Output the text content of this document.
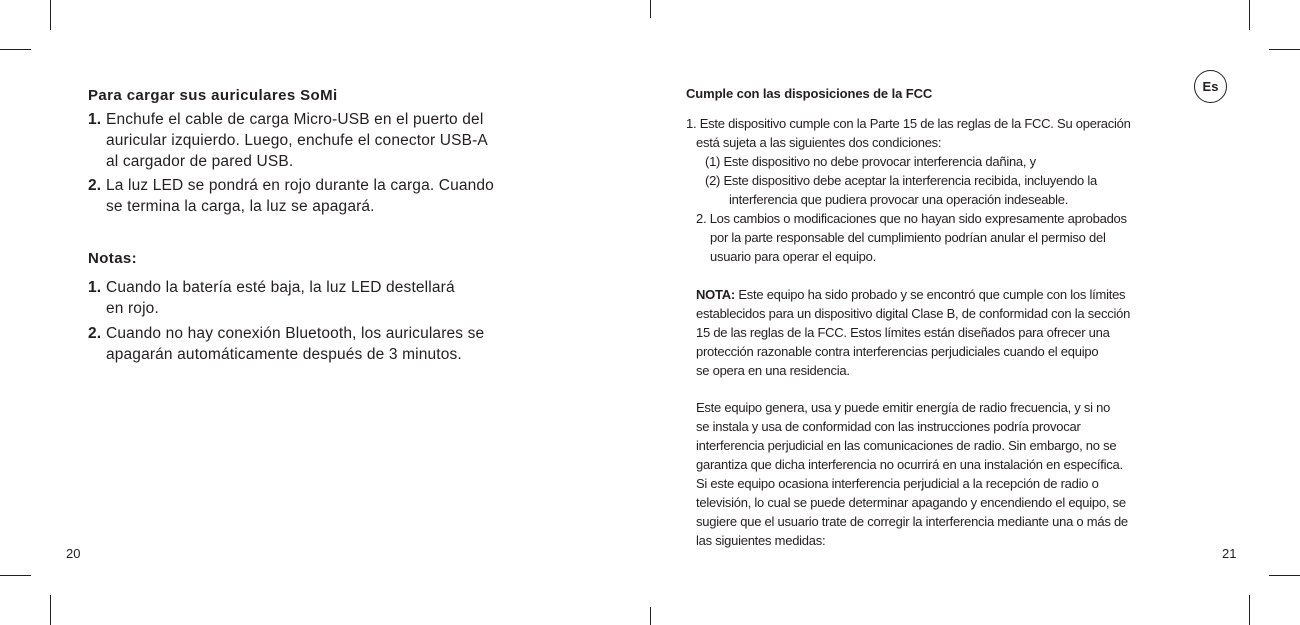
Para cargar sus auriculares SoMi
1. Enchufe el cable de carga Micro-USB en el puerto del
auricular izquierdo. Luego, enchufe el conector USB-A
al cargador de pared USB.
2. La luz LED se pondrá en rojo durante la carga. Cuando
se termina la carga, la luz se apagará.
Notas:
1. Cuando la batería esté baja, la luz LED destellará
en rojo.
2. Cuando no hay conexión Bluetooth, los auriculares se
apagarán automáticamente después de 3 minutos.
20
Es
Cumple con las disposiciones de la FCC
1. Este dispositivo cumple con la Parte 15 de las reglas de la FCC. Su operación
está sujeta a las siguientes dos condiciones:
(1) Este dispositivo no debe provocar interferencia dañina, y
(2) Este dispositivo debe aceptar la interferencia recibida, incluyendo la
interferencia que pudiera provocar una operación indeseable.
2. Los cambios o modificaciones que no hayan sido expresamente aprobados
por la parte responsable del cumplimiento podrían anular el permiso del
usuario para operar el equipo.
NOTA: Este equipo ha sido probado y se encontró que cumple con los límites
establecidos para un dispositivo digital Clase B, de conformidad con la sección
15 de las reglas de la FCC. Estos límites están diseñados para ofrecer una
protección razonable contra interferencias perjudiciales cuando el equipo
se opera en una residencia.
Este equipo genera, usa y puede emitir energía de radio frecuencia, y si no
se instala y usa de conformidad con las instrucciones podría provocar
interferencia perjudicial en las comunicaciones de radio. Sin embargo, no se
garantiza que dicha interferencia no ocurrirá en una instalación en específica.
Si este equipo ocasiona interferencia perjudicial a la recepción de radio o
televisión, lo cual se puede determinar apagando y encendiendo el equipo, se
sugiere que el usuario trate de corregir la interferencia mediante una o más de
las siguientes medidas:
21
